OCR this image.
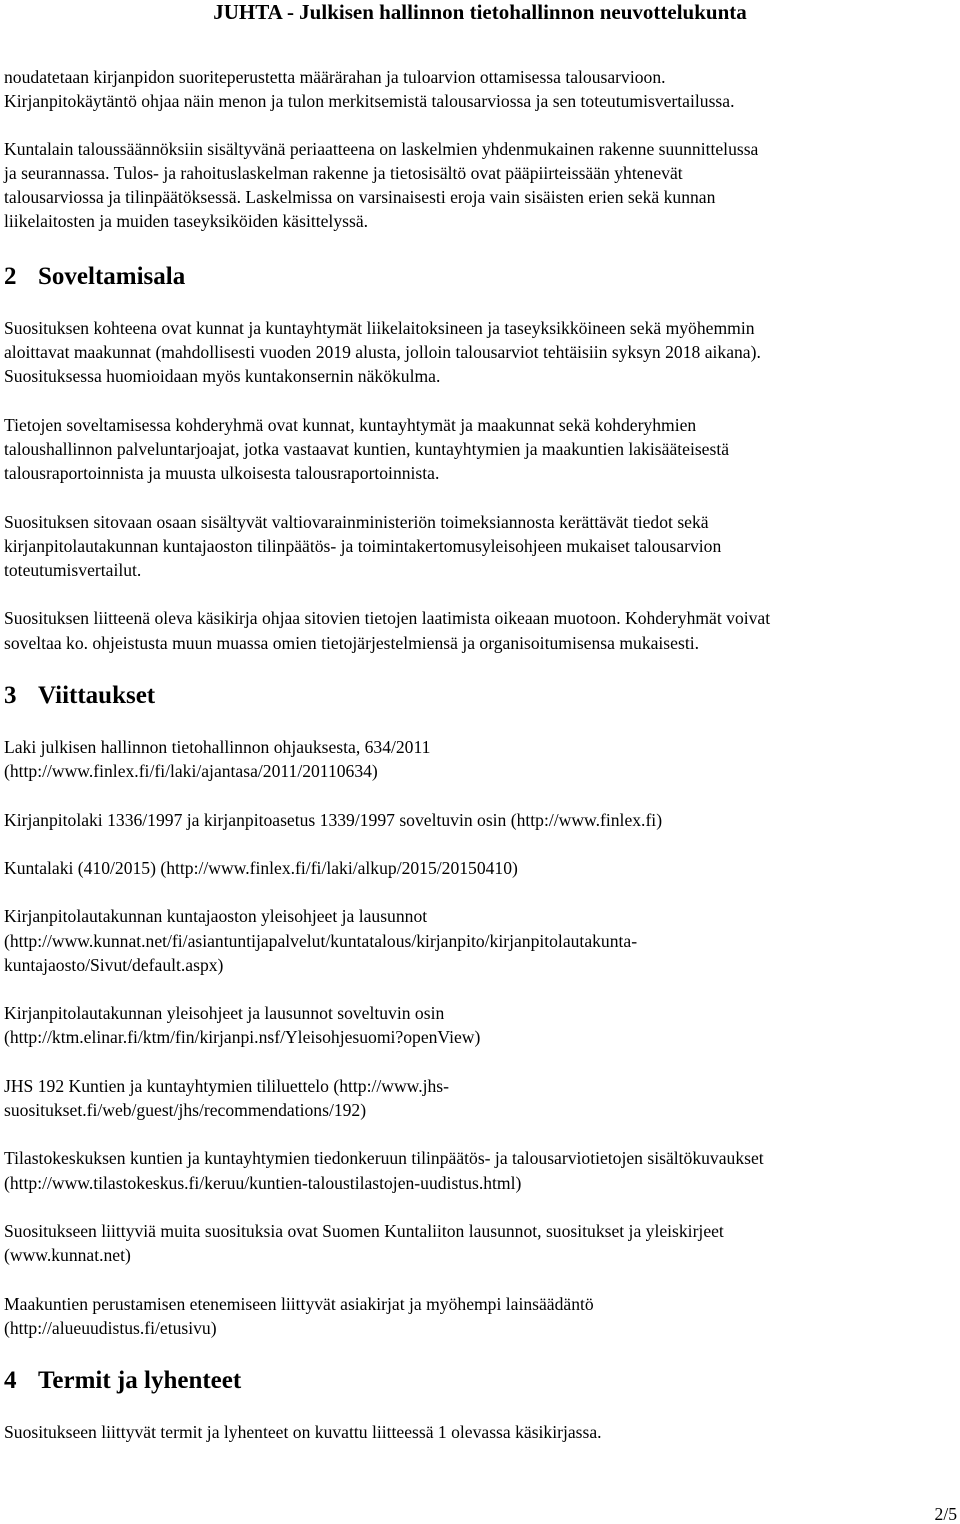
JUHTA - Julkisen hallinnon tietohallinnon neuvottelukunta
noudatetaan kirjanpidon suoriteperustetta määrärahan ja tuloarvion ottamisessa talousarvioon.
Kirjanpitokäytäntö ohjaa näin menon ja tulon merkitsemistä talousarviossa ja sen toteutumisvertailussa.
Kuntalain taloussäännöksiin sisältyvänä periaatteena on laskelmien yhdenmukainen rakenne suunnittelussa
ja seurannassa. Tulos- ja rahoituslaskelman rakenne ja tietosisältö ovat pääpiirteissään yhtenevät
talousarviossa ja tilinpäätöksessä. Laskelmissa on varsinaisesti eroja vain sisäisten erien sekä kunnan
liikelaitosten ja muiden taseyksiköiden käsittelyssä.
2 Soveltamisala
Suosituksen kohteena ovat kunnat ja kuntayhtymät liikelaitoksineen ja taseyksikköineen sekä myöhemmin
aloittavat maakunnat (mahdollisesti vuoden 2019 alusta, jolloin talousarviot tehtäisiin syksyn 2018 aikana).
Suosituksessa huomioidaan myös kuntakonsernin näkökulma.
Tietojen soveltamisessa kohderyhmä ovat kunnat, kuntayhtymät ja maakunnat sekä kohderyhmien
taloushallinnon palveluntarjoajat, jotka vastaavat kuntien, kuntayhtymien ja maakuntien lakisääteisestä
talousraportoinnista ja muusta ulkoisesta talousraportoinnista.
Suosituksen sitovaan osaan sisältyvät valtiovarainministeriön toimeksiannosta kerättävät tiedot sekä
kirjanpitolautakunnan kuntajaoston tilinpäätös- ja toimintakertomusyleisohjeen mukaiset talousarvion
toteutumisvertailut.
Suosituksen liitteenä oleva käsikirja ohjaa sitovien tietojen laatimista oikeaan muotoon. Kohderyhmät voivat
soveltaa ko. ohjeistusta muun muassa omien tietojärjestelmiensä ja organisoitumisensa mukaisesti.
3 Viittaukset
Laki julkisen hallinnon tietohallinnon ohjauksesta, 634/2011
(http://www.finlex.fi/fi/laki/ajantasa/2011/20110634)
Kirjanpitolaki 1336/1997 ja kirjanpitoasetus 1339/1997 soveltuvin osin (http://www.finlex.fi)
Kuntalaki (410/2015) (http://www.finlex.fi/fi/laki/alkup/2015/20150410)
Kirjanpitolautakunnan kuntajaoston yleisohjeet ja lausunnot
(http://www.kunnat.net/fi/asiantuntijapalvelut/kuntatalous/kirjanpito/kirjanpitolautakunta-
kuntajaosto/Sivut/default.aspx)
Kirjanpitolautakunnan yleisohjeet ja lausunnot soveltuvin osin
(http://ktm.elinar.fi/ktm/fin/kirjanpi.nsf/Yleisohjesuomi?openView)
JHS 192 Kuntien ja kuntayhtymien tililuettelo (http://www.jhs-
suositukset.fi/web/guest/jhs/recommendations/192)
Tilastokeskuksen kuntien ja kuntayhtymien tiedonkeruun tilinpäätös- ja talousarviotietojen sisältökuvaukset
(http://www.tilastokeskus.fi/keruu/kuntien-taloustilastojen-uudistus.html)
Suositukseen liittyviä muita suosituksia ovat Suomen Kuntaliiton lausunnot, suositukset ja yleiskirjeet
(www.kunnat.net)
Maakuntien perustamisen etenemiseen liittyvät asiakirjat ja myöhempi lainsäädäntö
(http://alueuudistus.fi/etusivu)
4 Termit ja lyhenteet
Suositukseen liittyvät termit ja lyhenteet on kuvattu liitteessä 1 olevassa käsikirjassa.
2/5
